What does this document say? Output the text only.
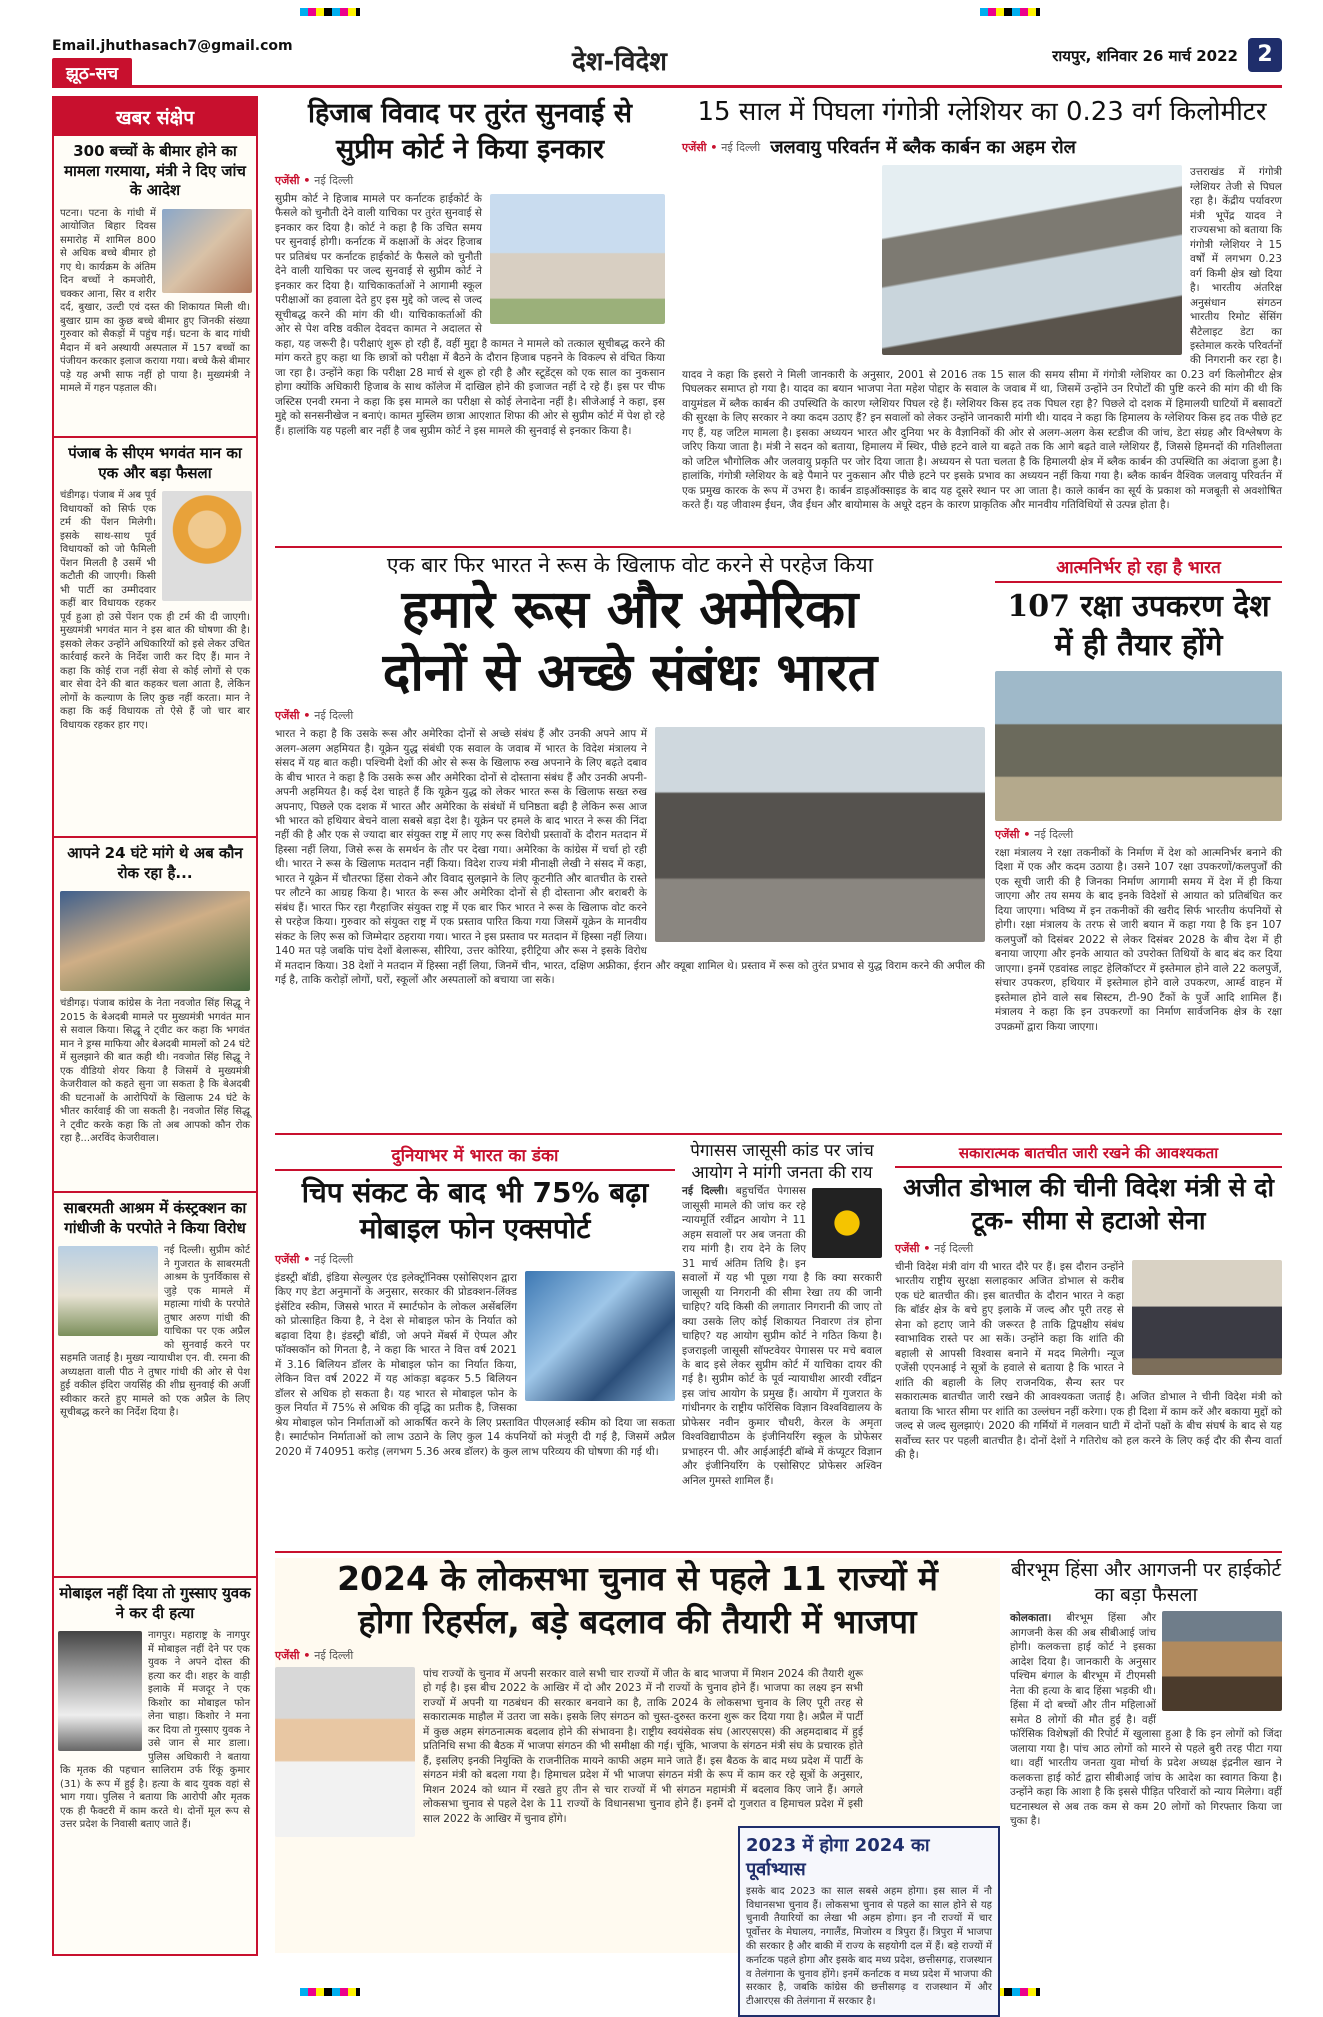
Email.jhuthasach7@gmail.com
झूठ-सच	देश-विदेश	रायपुर, शनिवार 26 मार्च 2022 2
खबर संक्षेप
300 बच्चों के बीमार होने का मामला गरमाया, मंत्री ने दिए जांच के आदेश
पटना। पटना के गांधी में आयोजित बिहार दिवस समारोह में शामिल 800 से अधिक बच्चे बीमार हो गए थे। कार्यक्रम के अंतिम दिन बच्चों ने कमजोरी, चक्कर आना, सिर व शरीर दर्द, बुखार, उल्टी एवं दस्त की शिकायत मिली थी। बुखार ग्राम का कुछ बच्चे बीमार हुए जिनकी संख्या गुरुवार को सैकड़ों में पहुंच गई। घटना के बाद गांधी मैदान में बने अस्थायी अस्पताल में 157 बच्चों का पंजीयन करकार इलाज कराया गया। बच्चे कैसे बीमार पड़े यह अभी साफ नहीं हो पाया है। मुख्यमंत्री ने मामले में गहन पड़ताल की।
पंजाब के सीएम भगवंत मान का एक और बड़ा फैसला
चंडीगढ़। पंजाब में अब पूर्व विधायकों को सिर्फ एक टर्म की पेंशन मिलेगी। इसके साथ-साथ पूर्व विधायकों को जो फैमिली पेंशन मिलती है उसमें भी कटौती की जाएगी। किसी भी पार्टी का उम्मीदवार कहीं बार विधायक रहकर पूर्व हुआ हो उसे पेंशन एक ही टर्म की दी जाएगी। मुख्यमंत्री भगवंत मान ने इस बात की घोषणा की है। इसको लेकर उन्होंने अधिकारियों को इसे लेकर उचित कार्रवाई करने के निर्देश जारी कर दिए हैं। मान ने कहा कि कोई राज नहीं सेवा से कोई लोगों से एक बार सेवा देने की बात कहकर चला आता है, लेकिन लोगों के कल्याण के लिए कुछ नहीं करता। मान ने कहा कि कई विधायक तो ऐसे हैं जो चार बार विधायक रहकर हार गए।
आपने 24 घंटे मांगे थे अब कौन रोक रहा है...
चंडीगढ़। पंजाब कांग्रेस के नेता नवजोत सिंह सिद्धू ने 2015 के बेअदबी मामले पर मुख्यमंत्री भगवंत मान से सवाल किया। सिद्धू ने ट्वीट कर कहा कि भगवंत मान ने ड्रग्स माफिया और बेअदबी मामलों को 24 घंटे में सुलझाने की बात कही थी। नवजोत सिंह सिद्धू ने एक वीडियो शेयर किया है जिसमें वे मुख्यमंत्री केजरीवाल को कहते सुना जा सकता है कि बेअदबी की घटनाओं के आरोपियों के खिलाफ 24 घंटे के भीतर कार्रवाई की जा सकती है। नवजोत सिंह सिद्धू ने ट्वीट करके कहा कि तो अब आपको कौन रोक रहा है...अरविंद केजरीवाल।
साबरमती आश्रम में कंस्ट्रक्शन का गांधीजी के परपोते ने किया विरोध
नई दिल्ली। सुप्रीम कोर्ट ने गुजरात के साबरमती आश्रम के पुनर्विकास से जुड़े एक मामले में महात्मा गांधी के परपोते तुषार अरुण गांधी की याचिका पर एक अप्रैल को सुनवाई करने पर सहमति जताई है। मुख्य न्यायाधीश एन. वी. रमना की अध्यक्षता वाली पीठ ने तुषार गांधी की ओर से पेश हुई वकील इंदिरा जयसिंह की शीघ्र सुनवाई की अर्जी स्वीकार करते हुए मामले को एक अप्रैल के लिए सूचीबद्ध करने का निर्देश दिया है।
मोबाइल नहीं दिया तो गुस्साए युवक ने कर दी हत्या
नागपुर। महाराष्ट्र के नागपुर में मोबाइल नहीं देने पर एक युवक ने अपने दोस्त की हत्या कर दी। शहर के वाड़ी इलाके में मजदूर ने एक किशोर का मोबाइल फोन लेना चाहा। किशोर ने मना कर दिया तो गुस्साए युवक ने उसे जान से मार डाला। पुलिस अधिकारी ने बताया कि मृतक की पहचान सालिराम उर्फ रिंकू कुमार (31) के रूप में हुई है। हत्या के बाद युवक वहां से भाग गया। पुलिस ने बताया कि आरोपी और मृतक एक ही फैक्टरी में काम करते थे। दोनों मूल रूप से उत्तर प्रदेश के निवासी बताए जाते हैं।
हिजाब विवाद पर तुरंत सुनवाई से सुप्रीम कोर्ट ने किया इनकार
एजेंसी • नई दिल्ली
सुप्रीम कोर्ट ने हिजाब मामले पर कर्नाटक हाईकोर्ट के फैसले को चुनौती देने वाली याचिका पर तुरंत सुनवाई से इनकार कर दिया है। कोर्ट ने कहा है कि उचित समय पर सुनवाई होगी। कर्नाटक में कक्षाओं के अंदर हिजाब पर प्रतिबंध पर कर्नाटक हाईकोर्ट के फैसले को चुनौती देने वाली याचिका पर जल्द सुनवाई से सुप्रीम कोर्ट ने इनकार कर दिया है। याचिकाकर्ताओं ने आगामी स्कूल परीक्षाओं का हवाला देते हुए इस मुद्दे को जल्द से जल्द सूचीबद्ध करने की मांग की थी। याचिकाकर्ताओं की ओर से पेश वरिष्ठ वकील देवदत्त कामत ने अदालत से कहा, यह जरूरी है। परीक्षाएं शुरू हो रही हैं, वहीं मुद्दा है कामत ने मामले को तत्काल सूचीबद्ध करने की मांग करते हुए कहा था कि छात्रों को परीक्षा में बैठने के दौरान हिजाब पहनने के विकल्प से वंचित किया जा रहा है। उन्होंने कहा कि परीक्षा 28 मार्च से शुरू हो रही है और स्टूडेंट्स को एक साल का नुकसान होगा क्योंकि अधिकारी हिजाब के साथ कॉलेज में दाखिल होने की इजाजत नहीं दे रहे हैं। इस पर चीफ जस्टिस एनवी रमना ने कहा कि इस मामले का परीक्षा से कोई लेनादेना नहीं है। सीजेआई ने कहा, इस मुद्दे को सनसनीखेज न बनाएं। कामत मुस्लिम छात्रा आएशात शिफा की ओर से सुप्रीम कोर्ट में पेश हो रहे हैं। हालांकि यह पहली बार नहीं है जब सुप्रीम कोर्ट ने इस मामले की सुनवाई से इनकार किया है।
15 साल में पिघला गंगोत्री ग्लेशियर का 0.23 वर्ग किलोमीटर
एजेंसी • नई दिल्ली जलवायु परिवर्तन में ब्लैक कार्बन का अहम रोल
उत्तराखंड में गंगोत्री ग्लेशियर तेजी से पिघल रहा है। केंद्रीय पर्यावरण मंत्री भूपेंद्र यादव ने राज्यसभा को बताया कि गंगोत्री ग्लेशियर ने 15 वर्षों में लगभग 0.23 वर्ग किमी क्षेत्र खो दिया है। भारतीय अंतरिक्ष अनुसंधान संगठन भारतीय रिमोट सेंसिंग सैटेलाइट डेटा का इस्तेमाल करके परिवर्तनों की निगरानी कर रहा है। यादव ने कहा कि इसरो ने मिली जानकारी के अनुसार, 2001 से 2016 तक 15 साल की समय सीमा में गंगोत्री ग्लेशियर का 0.23 वर्ग किलोमीटर क्षेत्र पिघलकर समाप्त हो गया है। यादव का बयान भाजपा नेता महेश पोद्दार के सवाल के जवाब में था, जिसमें उन्होंने उन रिपोर्टों की पुष्टि करने की मांग की थी कि वायुमंडल में ब्लैक कार्बन की उपस्थिति के कारण ग्लेशियर पिघल रहे हैं। ग्लेशियर किस हद तक पिघल रहा है? पिछले दो दशक में हिमालयी घाटियों में बसावटों की सुरक्षा के लिए सरकार ने क्या कदम उठाए हैं? इन सवालों को लेकर उन्होंने जानकारी मांगी थी। यादव ने कहा कि हिमालय के ग्लेशियर किस हद तक पीछे हट गए हैं, यह जटिल मामला है। इसका अध्ययन भारत और दुनिया भर के वैज्ञानिकों की ओर से अलग-अलग केस स्टडीज की जांच, डेटा संग्रह और विश्लेषण के जरिए किया जाता है। मंत्री ने सदन को बताया, हिमालय में स्थिर, पीछे हटने वाले या बढ़ते तक कि आगे बढ़ते वाले ग्लेशियर हैं, जिससे हिमनदों की गतिशीलता को जटिल भौगोलिक और जलवायु प्रकृति पर जोर दिया जाता है। अध्ययन से पता चलता है कि हिमालयी क्षेत्र में ब्लैक कार्बन की उपस्थिति का अंदाजा हुआ है। हालांकि, गंगोत्री ग्लेशियर के बड़े पैमाने पर नुकसान और पीछे हटने पर इसके प्रभाव का अध्ययन नहीं किया गया है। ब्लैक कार्बन वैश्विक जलवायु परिवर्तन में एक प्रमुख कारक के रूप में उभरा है। कार्बन डाइऑक्साइड के बाद यह दूसरे स्थान पर आ जाता है। काले कार्बन का सूर्य के प्रकाश को मजबूती से अवशोषित करते हैं। यह जीवाश्म ईंधन, जैव ईंधन और बायोमास के अधूरे दहन के कारण प्राकृतिक और मानवीय गतिविधियों से उत्पन्न होता है।
एक बार फिर भारत ने रूस के खिलाफ वोट करने से परहेज किया
हमारे रूस और अमेरिका
दोनों से अच्छे संबंधः भारत
एजेंसी • नई दिल्ली
भारत ने कहा है कि उसके रूस और अमेरिका दोनों से अच्छे संबंध हैं और उनकी अपने आप में अलग-अलग अहमियत है। यूक्रेन युद्ध संबंधी एक सवाल के जवाब में भारत के विदेश मंत्रालय ने संसद में यह बात कही। पश्चिमी देशों की ओर से रूस के खिलाफ रुख अपनाने के लिए बढ़ते दबाव के बीच भारत ने कहा है कि उसके रूस और अमेरिका दोनों से दोस्ताना संबंध हैं और उनकी अपनी-अपनी अहमियत है। कई देश चाहते हैं कि यूक्रेन युद्ध को लेकर भारत रूस के खिलाफ सख्त रुख अपनाए, पिछले एक दशक में भारत और अमेरिका के संबंधों में घनिष्ठता बढ़ी है लेकिन रूस आज भी भारत को हथियार बेचने वाला सबसे बड़ा देश है। यूक्रेन पर हमले के बाद भारत ने रूस की निंदा नहीं की है और एक से ज्यादा बार संयुक्त राष्ट्र में लाए गए रूस विरोधी प्रस्तावों के दौरान मतदान में हिस्सा नहीं लिया, जिसे रूस के समर्थन के तौर पर देखा गया। अमेरिका के कांग्रेस में चर्चा हो रही थी। भारत ने रूस के खिलाफ मतदान नहीं किया। विदेश राज्य मंत्री मीनाक्षी लेखी ने संसद में कहा, भारत ने यूक्रेन में चौतरफा हिंसा रोकने और विवाद सुलझाने के लिए कूटनीति और बातचीत के रास्ते पर लौटने का आग्रह किया है। भारत के रूस और अमेरिका दोनों से ही दोस्ताना और बराबरी के संबंध हैं। भारत फिर रहा गैरहाजिर संयुक्त राष्ट्र में एक बार फिर भारत ने रूस के खिलाफ वोट करने से परहेज किया। गुरुवार को संयुक्त राष्ट्र में एक प्रस्ताव पारित किया गया जिसमें यूक्रेन के मानवीय संकट के लिए रूस को जिम्मेदार ठहराया गया। भारत ने इस प्रस्ताव पर मतदान में हिस्सा नहीं लिया। 140 मत पड़े जबकि पांच देशों बेलारूस, सीरिया, उत्तर कोरिया, इरीट्रिया और रूस ने इसके विरोध में मतदान किया। 38 देशों ने मतदान में हिस्सा नहीं लिया, जिनमें चीन, भारत, दक्षिण अफ्रीका, ईरान और क्यूबा शामिल थे। प्रस्ताव में रूस को तुरंत प्रभाव से युद्ध विराम करने की अपील की गई है, ताकि करोड़ों लोगों, घरों, स्कूलों और अस्पतालों को बचाया जा सके।
आत्मनिर्भर हो रहा है भारत
107 रक्षा उपकरण देश में ही तैयार होंगे
एजेंसी • नई दिल्ली
रक्षा मंत्रालय ने रक्षा तकनीकों के निर्माण में देश को आत्मनिर्भर बनाने की दिशा में एक और कदम उठाया है। उसने 107 रक्षा उपकरणों/कलपुर्जों की एक सूची जारी की है जिनका निर्माण आगामी समय में देश में ही किया जाएगा और तय समय के बाद इनके विदेशों से आयात को प्रतिबंधित कर दिया जाएगा। भविष्य में इन तकनीकों की खरीद सिर्फ भारतीय कंपनियों से होगी। रक्षा मंत्रालय के तरफ से जारी बयान में कहा गया है कि इन 107 कलपुर्जों को दिसंबर 2022 से लेकर दिसंबर 2028 के बीच देश में ही बनाया जाएगा और इनके आयात को उपरोक्त तिथियों के बाद बंद कर दिया जाएगा। इनमें एडवांस्ड लाइट हेलिकॉप्टर में इस्तेमाल होने वाले 22 कलपुर्जे, संचार उपकरण, हथियार में इस्तेमाल होने वाले उपकरण, आर्म्ड वाहन में इस्तेमाल होने वाले सब सिस्टम, टी-90 टैंकों के पुर्जे आदि शामिल हैं। मंत्रालय ने कहा कि इन उपकरणों का निर्माण सार्वजनिक क्षेत्र के रक्षा उपक्रमों द्वारा किया जाएगा।
दुनियाभर में भारत का डंका
चिप संकट के बाद भी 75% बढ़ा मोबाइल फोन एक्सपोर्ट
एजेंसी • नई दिल्ली
इंडस्ट्री बॉडी, इंडिया सेल्युलर एंड इलेक्ट्रॉनिक्स एसोसिएशन द्वारा किए गए डेटा अनुमानों के अनुसार, सरकार की प्रोडक्शन-लिंक्ड इंसेंटिव स्कीम, जिससे भारत में स्मार्टफोन के लोकल असेंबलिंग को प्रोत्साहित किया है, ने देश से मोबाइल फोन के निर्यात को बढ़ावा दिया है। इंडस्ट्री बॉडी, जो अपने मेंबर्स में ऐप्पल और फॉक्सकॉन को गिनता है, ने कहा कि भारत ने वित्त वर्ष 2021 में 3.16 बिलियन डॉलर के मोबाइल फोन का निर्यात किया, लेकिन वित्त वर्ष 2022 में यह आंकड़ा बढ़कर 5.5 बिलियन डॉलर से अधिक हो सकता है। यह भारत से मोबाइल फोन के कुल निर्यात में 75% से अधिक की वृद्धि का प्रतीक है, जिसका श्रेय मोबाइल फोन निर्माताओं को आकर्षित करने के लिए प्रस्तावित पीएलआई स्कीम को दिया जा सकता है। स्मार्टफोन निर्माताओं को लाभ उठाने के लिए कुल 14 कंपनियों को मंजूरी दी गई है, जिसमें अप्रैल 2020 में 740951 करोड़ (लगभग 5.36 अरब डॉलर) के कुल लाभ परिव्यय की घोषणा की गई थी।
पेगासस जासूसी कांड पर जांच आयोग ने मांगी जनता की राय
नई दिल्ली। बहुचर्चित पेगासस जासूसी मामले की जांच कर रहे न्यायमूर्ति रवींद्रन आयोग ने 11 अहम सवालों पर अब जनता की राय मांगी है। राय देने के लिए 31 मार्च अंतिम तिथि है। इन सवालों में यह भी पूछा गया है कि क्या सरकारी जासूसी या निगरानी की सीमा रेखा तय की जानी चाहिए? यदि किसी की लगातार निगरानी की जाए तो क्या उसके लिए कोई शिकायत निवारण तंत्र होना चाहिए? यह आयोग सुप्रीम कोर्ट ने गठित किया है। इजराइली जासूसी सॉफ्टवेयर पेगासस पर मचे बवाल के बाद इसे लेकर सुप्रीम कोर्ट में याचिका दायर की गई है। सुप्रीम कोर्ट के पूर्व न्यायाधीश आरवी रवींद्रन इस जांच आयोग के प्रमुख हैं। आयोग में गुजरात के गांधीनगर के राष्ट्रीय फॉरेंसिक विज्ञान विश्वविद्यालय के प्रोफेसर नवीन कुमार चौधरी, केरल के अमृता विश्वविद्यापीठम के इंजीनियरिंग स्कूल के प्रोफेसर प्रभाहरन पी. और आईआईटी बॉम्बे में कंप्यूटर विज्ञान और इंजीनियरिंग के एसोसिएट प्रोफेसर अश्विन अनिल गुमस्ते शामिल हैं।
सकारात्मक बातचीत जारी रखने की आवश्यकता
अजीत डोभाल की चीनी विदेश मंत्री से दो टूक- सीमा से हटाओ सेना
एजेंसी • नई दिल्ली
चीनी विदेश मंत्री वांग यी भारत दौरे पर हैं। इस दौरान उन्होंने भारतीय राष्ट्रीय सुरक्षा सलाहकार अजित डोभाल से करीब एक घंटे बातचीत की। इस बातचीत के दौरान भारत ने कहा कि बॉर्डर क्षेत्र के बचे हुए इलाके में जल्द और पूरी तरह से सेना को हटाए जाने की जरूरत है ताकि द्विपक्षीय संबंध स्वाभाविक रास्ते पर आ सकें। उन्होंने कहा कि शांति की बहाली से आपसी विश्वास बनाने में मदद मिलेगी। न्यूज एजेंसी एएनआई ने सूत्रों के हवाले से बताया है कि भारत ने शांति की बहाली के लिए राजनयिक, सैन्य स्तर पर सकारात्मक बातचीत जारी रखने की आवश्यकता जताई है। अजित डोभाल ने चीनी विदेश मंत्री को बताया कि भारत सीमा पर शांति का उल्लंघन नहीं करेगा। एक ही दिशा में काम करें और बकाया मुद्दों को जल्द से जल्द सुलझाएं। 2020 की गर्मियों में गलवान घाटी में दोनों पक्षों के बीच संघर्ष के बाद से यह सर्वोच्च स्तर पर पहली बातचीत है। दोनों देशों ने गतिरोध को हल करने के लिए कई दौर की सैन्य वार्ता की है।
2024 के लोकसभा चुनाव से पहले 11 राज्यों में
होगा रिहर्सल, बड़े बदलाव की तैयारी में भाजपा
एजेंसी • नई दिल्ली
पांच राज्यों के चुनाव में अपनी सरकार वाले सभी चार राज्यों में जीत के बाद भाजपा में मिशन 2024 की तैयारी शुरू हो गई है। इस बीच 2022 के आखिर में दो और 2023 में नौ राज्यों के चुनाव होने हैं। भाजपा का लक्ष्य इन सभी राज्यों में अपनी या गठबंधन की सरकार बनवाने का है, ताकि 2024 के लोकसभा चुनाव के लिए पूरी तरह से सकारात्मक माहौल में उतरा जा सके। इसके लिए संगठन को चुस्त-दुरुस्त करना शुरू कर दिया गया है। अप्रैल में पार्टी में कुछ अहम संगठनात्मक बदलाव होने की संभावना है। राष्ट्रीय स्वयंसेवक संघ (आरएसएस) की अहमदाबाद में हुई प्रतिनिधि सभा की बैठक में भाजपा संगठन की भी समीक्षा की गई। चूंकि, भाजपा के संगठन मंत्री संघ के प्रचारक होते हैं, इसलिए इनकी नियुक्ति के राजनीतिक मायने काफी अहम माने जाते हैं। इस बैठक के बाद मध्य प्रदेश में पार्टी के संगठन मंत्री को बदला गया है। हिमाचल प्रदेश में भी भाजपा संगठन मंत्री के रूप में काम कर रहे सूत्रों के अनुसार, मिशन 2024 को ध्यान में रखते हुए तीन से चार राज्यों में भी संगठन महामंत्री में बदलाव किए जाने हैं। अगले लोकसभा चुनाव से पहले देश के 11 राज्यों के विधानसभा चुनाव होने हैं। इनमें दो गुजरात व हिमाचल प्रदेश में इसी साल 2022 के आखिर में चुनाव होंगे।
2023 में होगा 2024 का पूर्वाभ्यास
इसके बाद 2023 का साल सबसे अहम होगा। इस साल में नौ विधानसभा चुनाव हैं। लोकसभा चुनाव से पहले का साल होने से यह चुनावी तैयारियों का लेखा भी अहम होगा। इन नौ राज्यों में चार पूर्वोत्तर के मेघालय, नगालैंड, मिजोरम व त्रिपुरा हैं। त्रिपुरा में भाजपा की सरकार है और बाकी में राज्य के सहयोगी दल में हैं। बड़े राज्यों में कर्नाटक पहले होगा और इसके बाद मध्य प्रदेश, छत्तीसगढ़, राजस्थान व तेलंगाना के चुनाव होंगे। इनमें कर्नाटक व मध्य प्रदेश में भाजपा की सरकार है, जबकि कांग्रेस की छत्तीसगढ़ व राजस्थान में और टीआरएस की तेलंगाना में सरकार है।
बीरभूम हिंसा और आगजनी पर हाईकोर्ट का बड़ा फैसला
कोलकाता। बीरभूम हिंसा और आगजनी केस की अब सीबीआई जांच होगी। कलकत्ता हाई कोर्ट ने इसका आदेश दिया है। जानकारी के अनुसार पश्चिम बंगाल के बीरभूम में टीएमसी नेता की हत्या के बाद हिंसा भड़की थी। हिंसा में दो बच्चों और तीन महिलाओं समेत 8 लोगों की मौत हुई है। वहीं फॉरेंसिक विशेषज्ञों की रिपोर्ट में खुलासा हुआ है कि इन लोगों को जिंदा जलाया गया है। पांच आठ लोगों को मारने से पहले बुरी तरह पीटा गया था। वहीं भारतीय जनता युवा मोर्चा के प्रदेश अध्यक्ष इंद्रनील खान ने कलकत्ता हाई कोर्ट द्वारा सीबीआई जांच के आदेश का स्वागत किया है। उन्होंने कहा कि आशा है कि इससे पीड़ित परिवारों को न्याय मिलेगा। वहीं घटनास्थल से अब तक कम से कम 20 लोगों को गिरफ्तार किया जा चुका है।
